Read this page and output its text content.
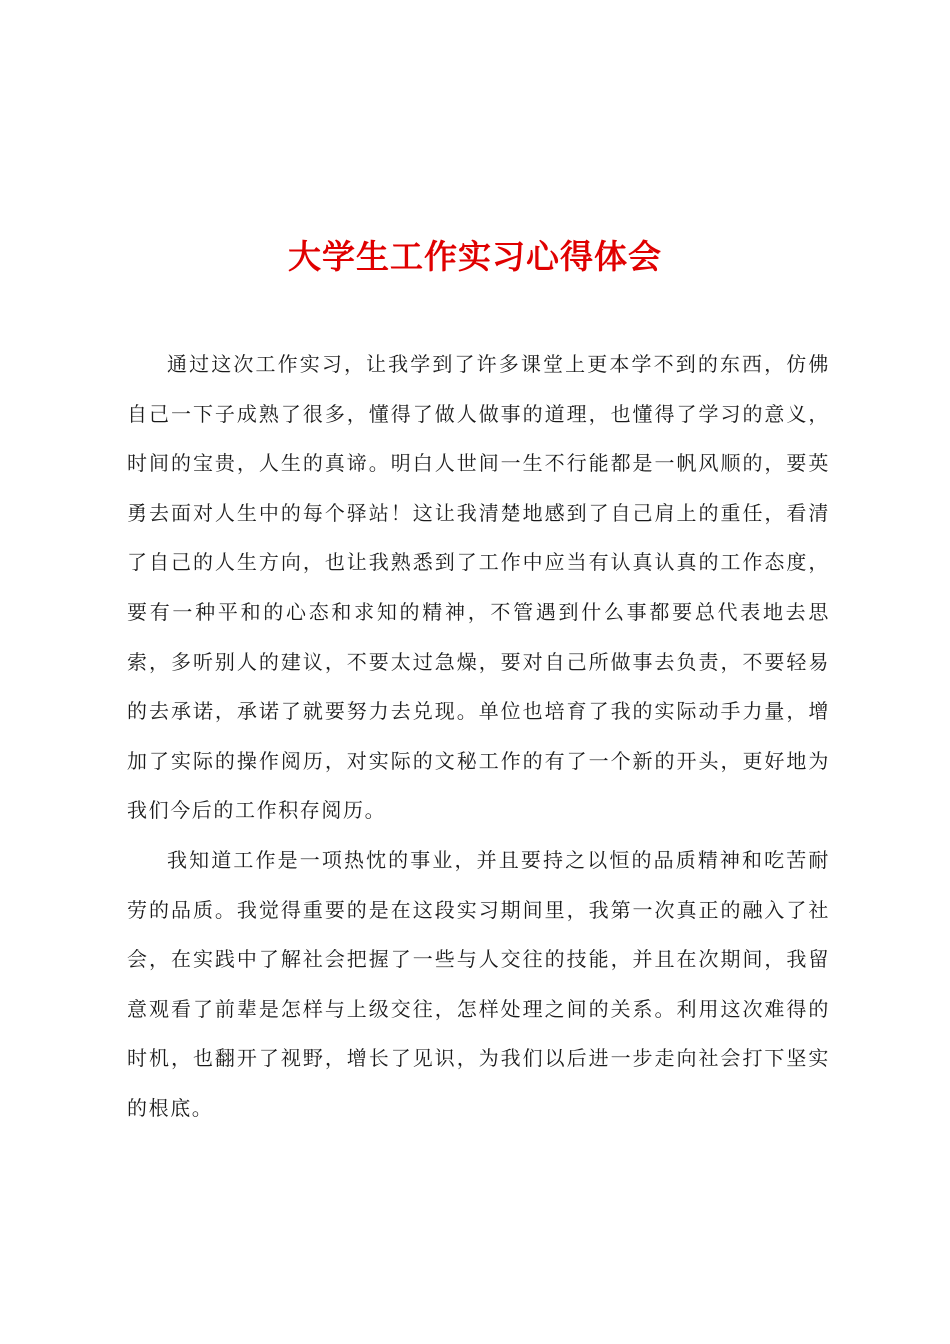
大学生工作实习心得体会

通过这次工作实习，让我学到了许多课堂上更本学不到的东西，仿佛自己一下子成熟了很多，懂得了做人做事的道理，也懂得了学习的意义，时间的宝贵，人生的真谛。明白人世间一生不行能都是一帆风顺的，要英勇去面对人生中的每个驿站！这让我清楚地感到了自己肩上的重任，看清了自己的人生方向，也让我熟悉到了工作中应当有认真认真的工作态度，要有一种平和的心态和求知的精神，不管遇到什么事都要总代表地去思索，多听别人的建议，不要太过急燥，要对自己所做事去负责，不要轻易的去承诺，承诺了就要努力去兑现。单位也培育了我的实际动手力量，增加了实际的操作阅历，对实际的文秘工作的有了一个新的开头，更好地为我们今后的工作积存阅历。

我知道工作是一项热忱的事业，并且要持之以恒的品质精神和吃苦耐劳的品质。我觉得重要的是在这段实习期间里，我第一次真正的融入了社会，在实践中了解社会把握了一些与人交往的技能，并且在次期间，我留意观看了前辈是怎样与上级交往，怎样处理之间的关系。利用这次难得的时机，也翻开了视野，增长了见识，为我们以后进一步走向社会打下坚实的根底。
